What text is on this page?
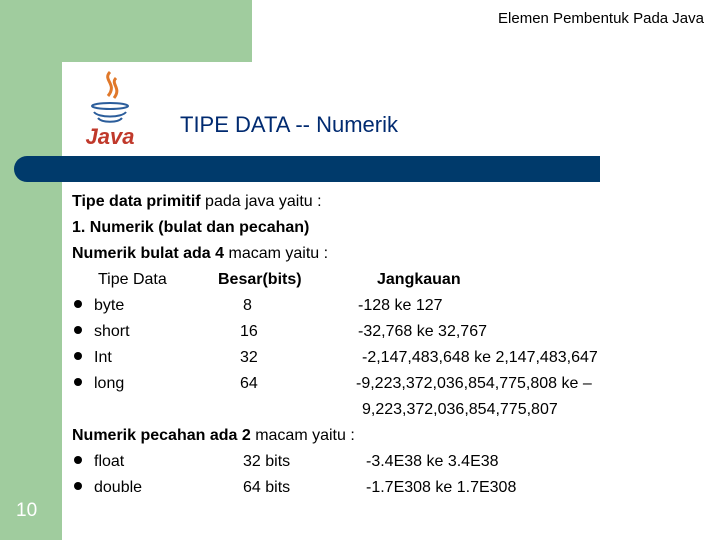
Elemen Pembentuk Pada Java
Java TIPE DATA -- Numerik
Tipe data primitif pada java yaitu :
1. Numerik (bulat dan pecahan)
Numerik bulat ada 4 macam yaitu :
Tipe Data	Besar(bits)	Jangkauan
byte	8	-128 ke 127
short	16	-32,768 ke 32,767
Int	32	-2,147,483,648 ke 2,147,483,647
long	64	-9,223,372,036,854,775,808 ke –
9,223,372,036,854,775,807
Numerik pecahan ada 2 macam yaitu :
float	32 bits	-3.4E38 ke 3.4E38
double	64 bits	-1.7E308 ke 1.7E308
10
